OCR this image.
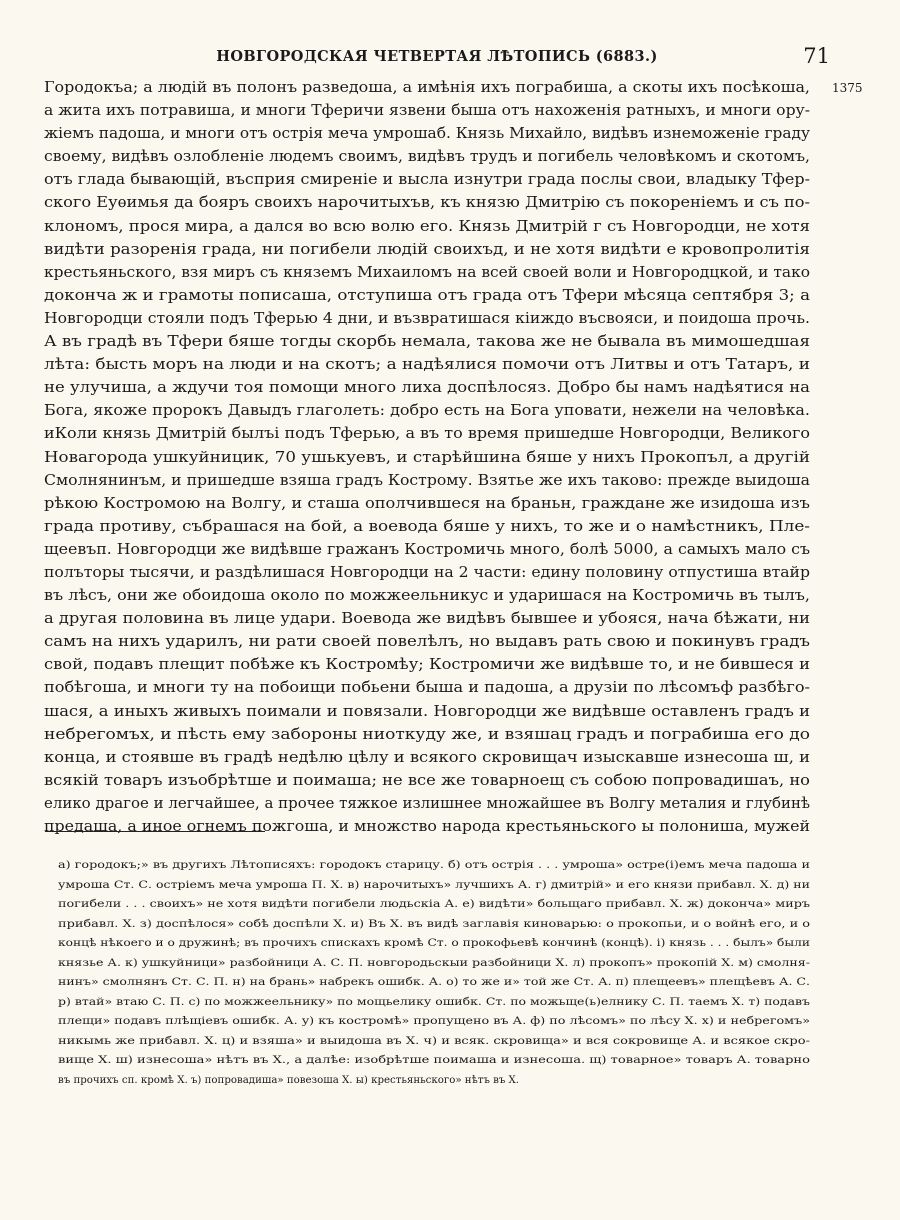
НОВГОРОДСКАЯ ЧЕТВЕРТАЯ ЛѢТОПИСЬ (6883.)	71
Городокъа; а людій въ полонъ разведоша, а имѣнія ихъ пограбиша, а скоты ихъ посѣкоша, 1375
а жита ихъ потравиша, и многи Тферичи язвени быша отъ нахоженія ратныхъ, и многи ору-
жіемъ падоша, и многи отъ острія меча умрошаб. Князь Михайло, видѣвъ изнеможеніе граду
своему, видѣвъ озлобленіе людемъ своимъ, видѣвъ трудъ и погибель человѣкомъ и скотомъ,
отъ глада бывающій, въсприя смиреніе и высла изнутри града послы свои, владыку Тфер-
ского Еуѳимья да бояръ своихъ нарочитыхъв, къ князю Дмитрію съ покореніемъ и съ по-
клономъ, прося мира, а дался во всю волю его. Князь Дмитрій г съ Новгородци, не хотя
видѣти разоренія града, ни погибели людій своихъд, и не хотя видѣти е кровопролитія
крестьяньского, взя миръ съ княземъ Михаиломъ на всей своей воли и Новгородцкой, и тако
доконча ж и грамоты пописаша, отступиша отъ града отъ Тфери мѣсяца септября 3; а
Новгородци стояли подъ Тферью 4 дни, и възвратишася кіиждо въсвояси, и поидоша прочь.
А въ градѣ въ Тфери бяше тогды скорбь немала, такова же не бывала въ мимошедшая
лѣта: бысть моръ на люди и на скотъ; а надѣялися помочи отъ Литвы и отъ Татаръ, и
не улучиша, а ждучи тоя помощи много лиха доспѣлосяз. Добро бы намъ надѣятися на
Бога, якоже пророкъ Давыдъ глаголеть: добро есть на Бога уповати, нежели на человѣка.
иКоли князь Дмитрій былъі подъ Тферью, а въ то время пришедше Новгородци, Великого
Новагорода ушкуйницик, 70 ушькуевъ, и старѣйшина бяше у нихъ Прокопъл, а другій
Смолнянинъм, и пришедше взяша градъ Кострому. Взятье же ихъ таково: прежде выидоша
рѣкою Костромою на Волгу, и сташа ополчившеся на браньн, граждане же изидоша изъ
града противу, събрашася на бой, а воевода бяше у нихъ, то же и о намѣстникъ, Пле-
щеевъп. Новгородци же видѣвше гражанъ Костромичь много, болѣ 5000, а самыхъ мало съ
полъторы тысячи, и раздѣлишася Новгородци на 2 части: едину половину отпустиша втайр
въ лѣсъ, они же обоидоша около по можжеельникус и ударишася на Костромичь въ тылъ,
а другая половина въ лице удари. Воевода же видѣвъ бывшее и убояся, нача бѣжати, ни
самъ на нихъ ударилъ, ни рати своей повелѣлъ, но выдавъ рать свою и покинувъ градъ
свой, подавъ плещит побѣже къ Костромѣу; Костромичи же видѣвше то, и не бившеся и
побѣгоша, и многи ту на побоищи побьени быша и падоша, а друзіи по лѣсомъф разбѣго-
шася, а иныхъ живыхъ поимали и повязали. Новгородци же видѣвше оставленъ градъ и
небрегомъх, и пѣсть ему забороны ниоткуду же, и взяшац градъ и пограбиша его до
конца, и стоявше въ градѣ недѣлю цѣлу и всякого скровищач изыскавше изнесоша ш, и
всякій товаръ изъобрѣтше и поимаша; не все же товарноещ съ собою попровадишаъ, но
елико драгое и легчайшее, а прочее тяжкое излишнее множайшее въ Волгу металия и глубинѣ
предаша, а иное огнемъ пожгоша, и множство народа крестьяньского ы полониша, мужей
а) городокъ;» въ другихъ Лѣтописяхъ: городокъ старицу. б) отъ острія . . . умроша» остре(і)емъ меча падоша и
умроша Ст. С. остріемъ меча умроша П. Х. в) нарочитыхъ» лучшихъ А. г) дмитрій» и его князи прибавл. Х. д) ни
погибели . . . своихъ» не хотя видѣти погибели людьскіа А. е) видѣти» больщаго прибавл. Х. ж) доконча» миръ
прибавл. Х. з) доспѣлося» собѣ доспѣли Х. и) Въ Х. въ видѣ заглавія киноварью: о прокопьи, и о войнѣ его, и о
концѣ нѣкоего и о дружинѣ; въ прочихъ спискахъ кромѣ Ст. о прокофьевѣ кончинѣ (концѣ). і) князь . . . былъ» были
князье А. к) ушкуйници» разбойници А. С. П. новгородьскыи разбойници Х. л) прокопъ» прокопій Х. м) смолня-
нинъ» смолнянъ Ст. С. П. н) на брань» набрекъ ошибк. А. о) то же и» той же Ст. А. п) плещеевъ» плещѣевъ А. С.
р) втай» втаю С. П. с) по можжеельнику» по мощьелику ошибк. Ст. по можьще(ь)елнику С. П. таемъ Х. т) подавъ
плещи» подавъ плѣщіевъ ошибк. А. у) къ костромѣ» пропущено въ А. ф) по лѣсомъ» по лѣсу Х. х) и небрегомъ»
никымь же прибавл. Х. ц) и взяша» и выидоша въ Х. ч) и всяк. скровища» и вся сокровище А. и всякое скро-
вище Х. ш) изнесоша» нѣтъ въ Х., а далѣе: изобрѣтше поимаша и изнесоша. щ) товарное» товаръ А. товарно
въ прочихъ сп. кромѣ Х. ъ) попровадиша» повезоша Х. ы) крестьяньского» нѣтъ въ Х.
